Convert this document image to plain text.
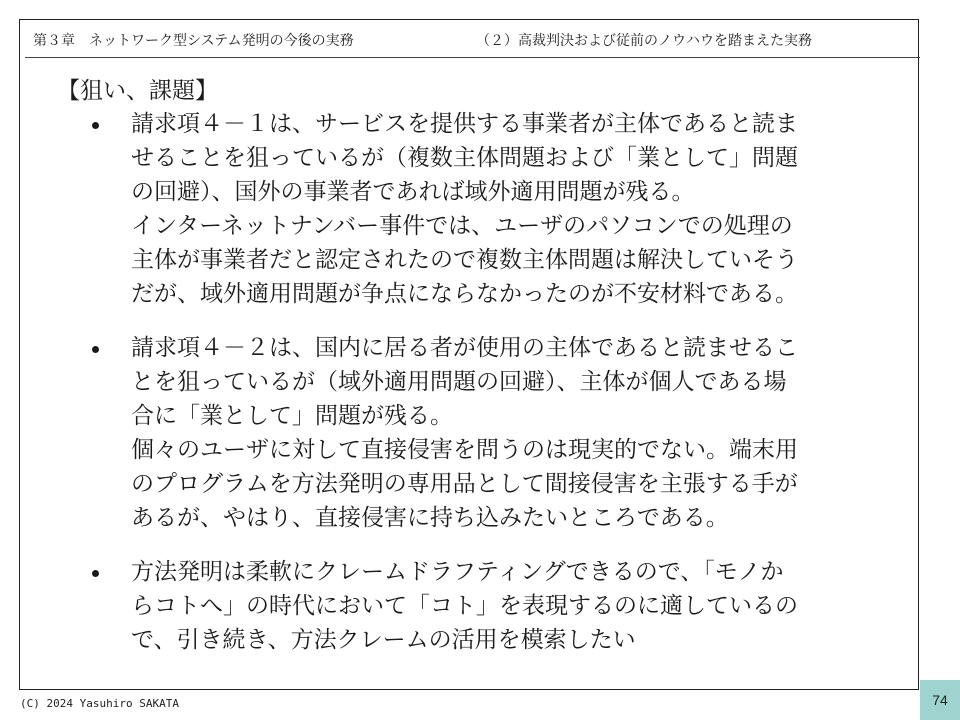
第３章　ネットワーク型システム発明の今後の実務	（２）高裁判決および従前のノウハウを踏まえた実務
【狙い、課題】
請求項４－１は、サービスを提供する事業者が主体であると読ま
せることを狙っているが（複数主体問題および「業として」問題
の回避）、国外の事業者であれば域外適用問題が残る。
インターネットナンバー事件では、ユーザのパソコンでの処理の
主体が事業者だと認定されたので複数主体問題は解決していそう
だが、域外適用問題が争点にならなかったのが不安材料である。
請求項４－２は、国内に居る者が使用の主体であると読ませるこ
とを狙っているが（域外適用問題の回避）、主体が個人である場
合に「業として」問題が残る。
個々のユーザに対して直接侵害を問うのは現実的でない。端末用
のプログラムを方法発明の専用品として間接侵害を主張する手が
あるが、やはり、直接侵害に持ち込みたいところである。
方法発明は柔軟にクレームドラフティングできるので、「モノか
らコトへ」の時代において「コト」を表現するのに適しているの
で、引き続き、方法クレームの活用を模索したい
(C) 2024 Yasuhiro SAKATA	74
